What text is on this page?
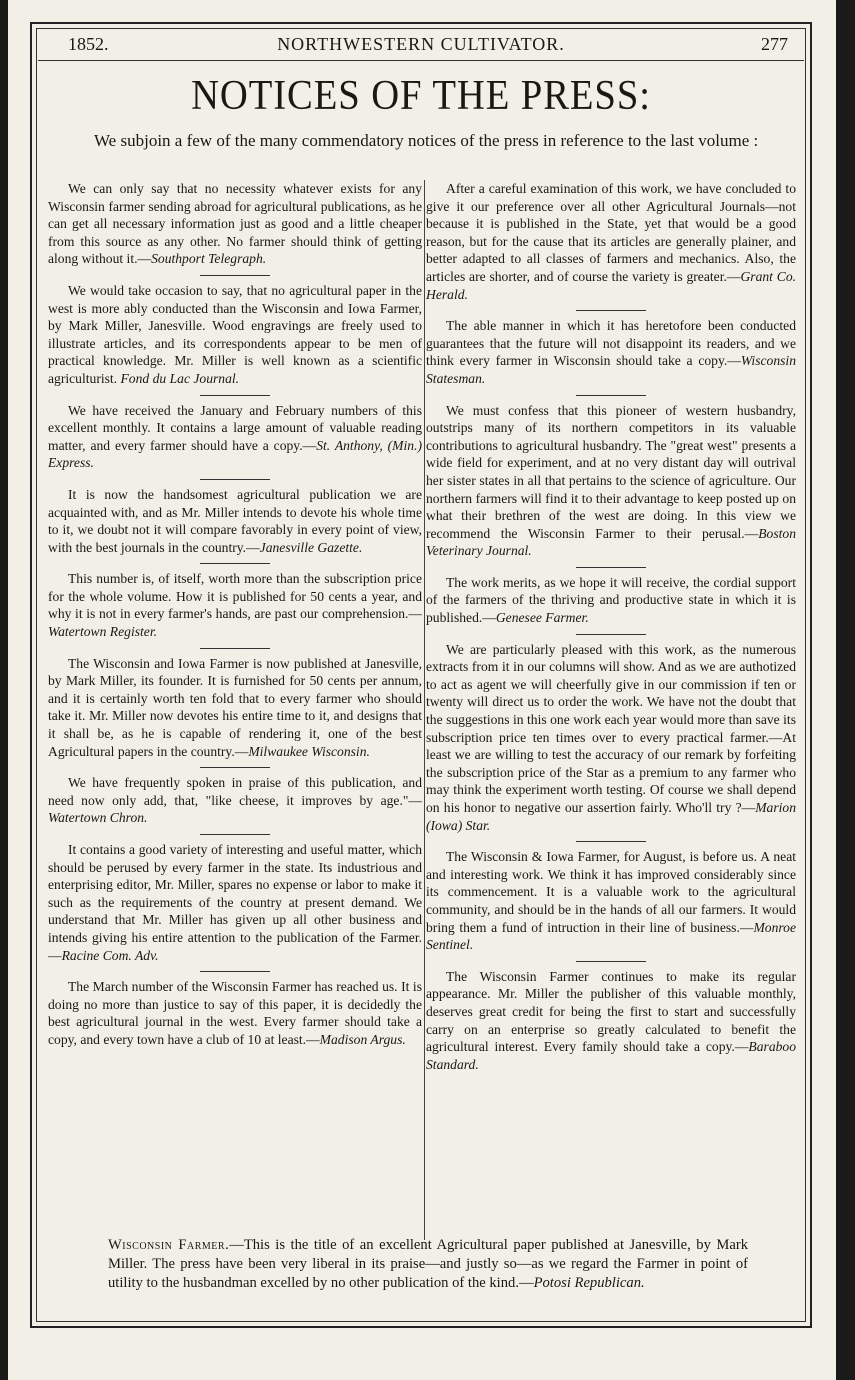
1852.	NORTHWESTERN CULTIVATOR.	277
NOTICES OF THE PRESS:
We subjoin a few of the many commendatory notices of the press in reference to the last volume :

We can only say that no necessity whatever exists for any Wisconsin farmer sending abroad for agricultural publications, as he can get all necessary information just as good and a little cheaper from this source as any other. No farmer should think of getting along without it.—Southport Telegraph.

We would take occasion to say, that no agricultural paper in the west is more ably conducted than the Wisconsin and Iowa Farmer, by Mark Miller, Janesville. Wood engravings are freely used to illustrate articles, and its correspondents appear to be men of practical knowledge. Mr. Miller is well known as a scientific agriculturist. Fond du Lac Journal.

We have received the January and February numbers of this excellent monthly. It contains a large amount of valuable reading matter, and every farmer should have a copy.—St. Anthony, (Min.) Express.

It is now the handsomest agricultural publication we are acquainted with, and as Mr. Miller intends to devote his whole time to it, we doubt not it will compare favorably in every point of view, with the best journals in the country.—Janesville Gazette.

This number is, of itself, worth more than the subscription price for the whole volume. How it is published for 50 cents a year, and why it is not in every farmer's hands, are past our comprehension.—Watertown Register.

The Wisconsin and Iowa Farmer is now published at Janesville, by Mark Miller, its founder. It is furnished for 50 cents per annum, and it is certainly worth ten fold that to every farmer who should take it. Mr. Miller now devotes his entire time to it, and designs that it shall be, as he is capable of rendering it, one of the best Agricultural papers in the country.—Milwaukee Wisconsin.

We have frequently spoken in praise of this publication, and need now only add, that, "like cheese, it improves by age."—Watertown Chron.

It contains a good variety of interesting and useful matter, which should be perused by every farmer in the state. Its industrious and enterprising editor, Mr. Miller, spares no expense or labor to make it such as the requirements of the country at present demand. We understand that Mr. Miller has given up all other business and intends giving his entire attention to the publication of the Farmer.—Racine Com. Adv.

The March number of the Wisconsin Farmer has reached us. It is doing no more than justice to say of this paper, it is decidedly the best agricultural journal in the west. Every farmer should take a copy, and every town have a club of 10 at least.—Madison Argus.

After a careful examination of this work, we have concluded to give it our preference over all other Agricultural Journals—not because it is published in the State, yet that would be a good reason, but for the cause that its articles are generally plainer, and better adapted to all classes of farmers and mechanics. Also, the articles are shorter, and of course the variety is greater.—Grant Co. Herald.

The able manner in which it has heretofore been conducted guarantees that the future will not disappoint its readers, and we think every farmer in Wisconsin should take a copy.—Wisconsin Statesman.

We must confess that this pioneer of western husbandry, outstrips many of its northern competitors in its valuable contributions to agricultural husbandry. The "great west" presents a wide field for experiment, and at no very distant day will outrival her sister states in all that pertains to the science of agriculture. Our northern farmers will find it to their advantage to keep posted up on what their brethren of the west are doing. In this view we recommend the Wisconsin Farmer to their perusal.—Boston Veterinary Journal.

The work merits, as we hope it will receive, the cordial support of the farmers of the thriving and productive state in which it is published.—Genesee Farmer.

We are particularly pleased with this work, as the numerous extracts from it in our columns will show. And as we are authotized to act as agent we will cheerfully give in our commission if ten or twenty will direct us to order the work. We have not the doubt that the suggestions in this one work each year would more than save its subscription price ten times over to every practical farmer.—At least we are willing to test the accuracy of our remark by forfeiting the subscription price of the Star as a premium to any farmer who may think the experiment worth testing. Of course we shall depend on his honor to negative our assertion fairly. Who'll try ?—Marion (Iowa) Star.

The Wisconsin & Iowa Farmer, for August, is before us. A neat and interesting work. We think it has improved considerably since its commencement. It is a valuable work to the agricultural community, and should be in the hands of all our farmers. It would bring them a fund of intruction in their line of business.—Monroe Sentinel.

The Wisconsin Farmer continues to make its regular appearance. Mr. Miller the publisher of this valuable monthly, deserves great credit for being the first to start and successfully carry on an enterprise so greatly calculated to benefit the agricultural interest. Every family should take a copy.—Baraboo Standard.

Wisconsin Farmer.—This is the title of an excellent Agricultural paper published at Janesville, by Mark Miller. The press have been very liberal in its praise—and justly so—as we regard the Farmer in point of utility to the husbandman excelled by no other publication of the kind.—Potosi Republican.
